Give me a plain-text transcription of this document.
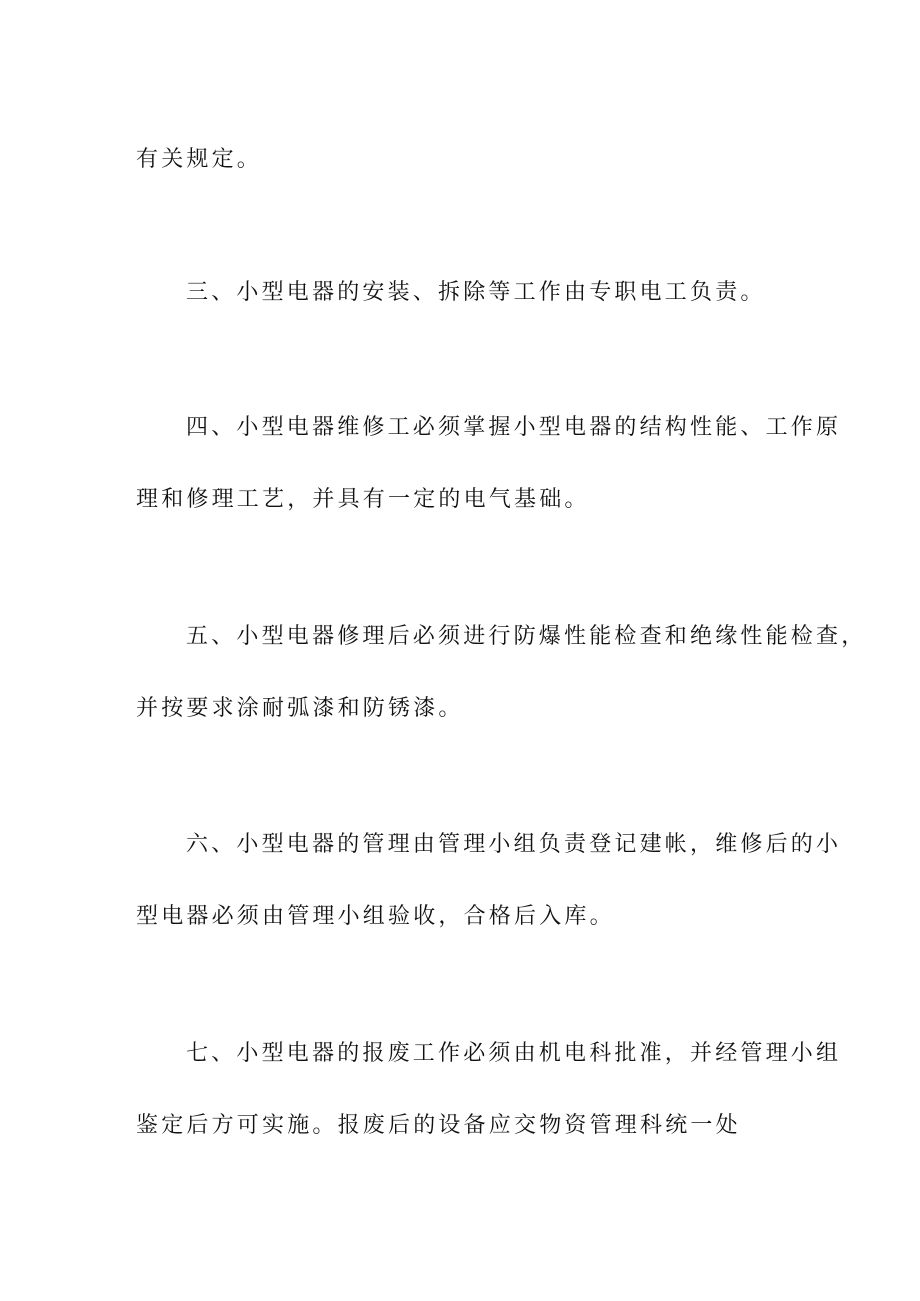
有关规定。
三、小型电器的安装、拆除等工作由专职电工负责。
四、小型电器维修工必须掌握小型电器的结构性能、工作原
理和修理工艺，并具有一定的电气基础。
五、小型电器修理后必须进行防爆性能检查和绝缘性能检查，
并按要求涂耐弧漆和防锈漆。
六、小型电器的管理由管理小组负责登记建帐，维修后的小
型电器必须由管理小组验收，合格后入库。
七、小型电器的报废工作必须由机电科批准，并经管理小组
鉴定后方可实施。报废后的设备应交物资管理科统一处
